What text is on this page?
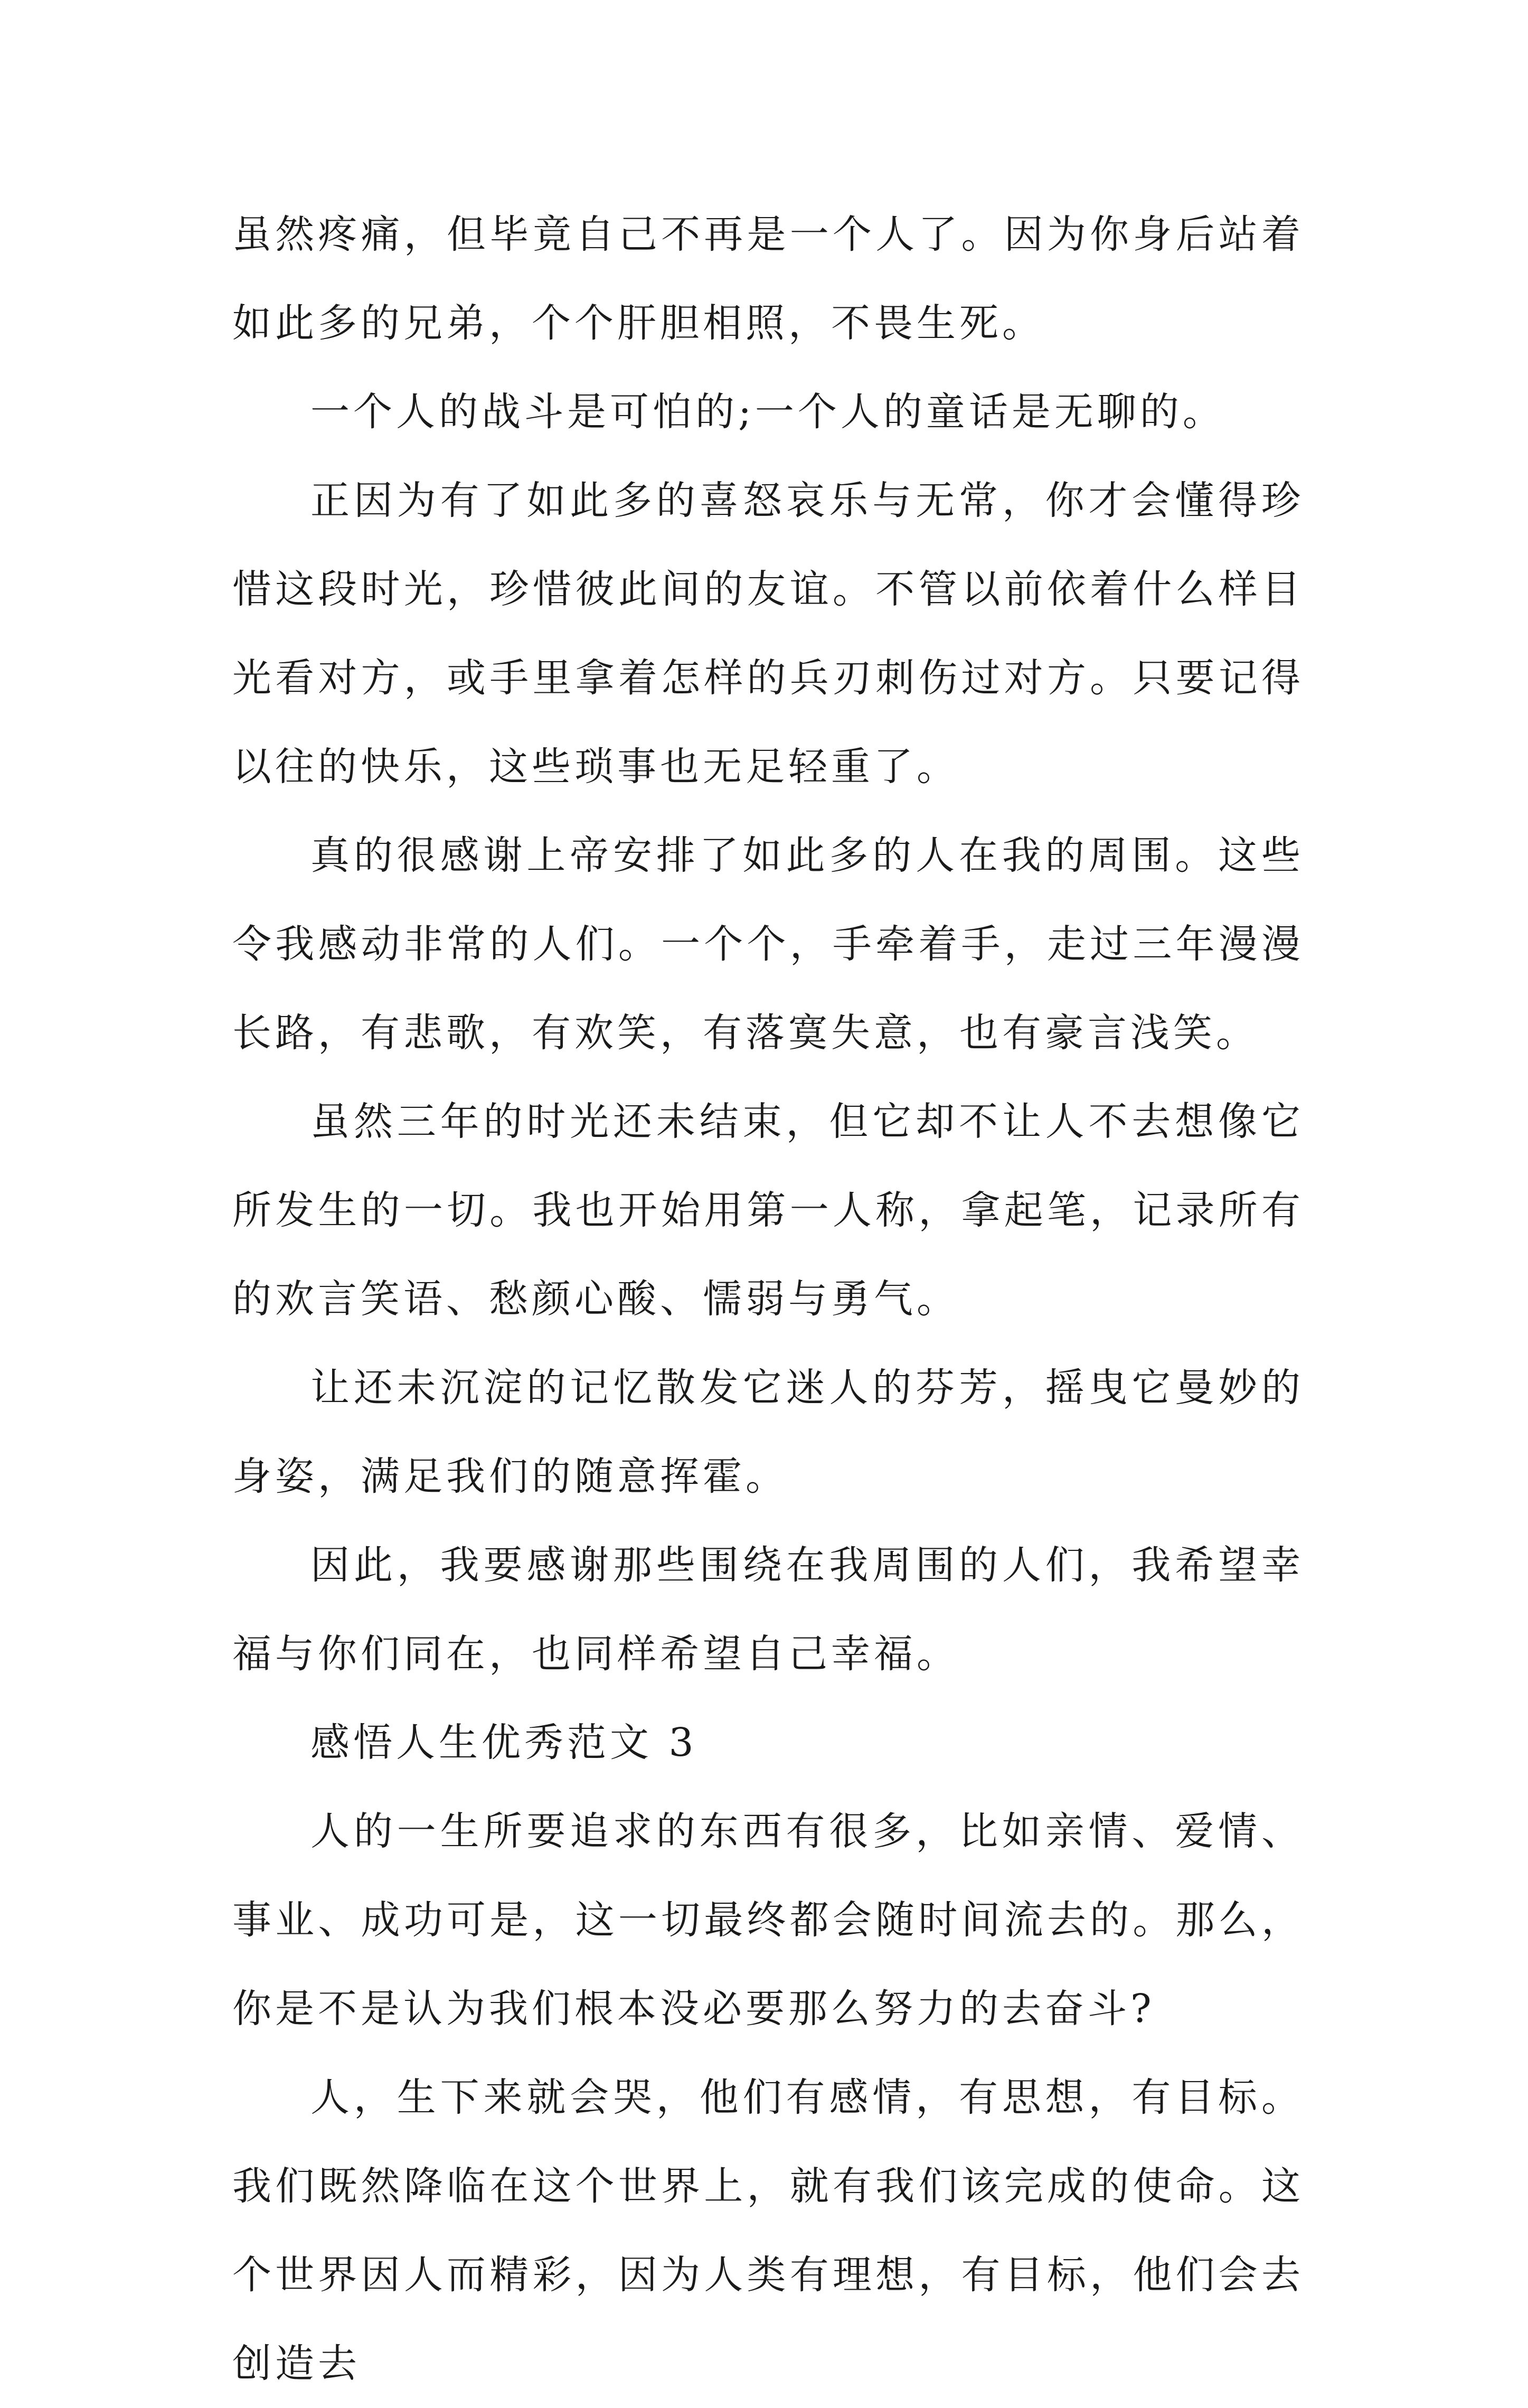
虽然疼痛，但毕竟自己不再是一个人了。因为你身后站着如此多的兄弟，个个肝胆相照，不畏生死。

一个人的战斗是可怕的;一个人的童话是无聊的。

正因为有了如此多的喜怒哀乐与无常，你才会懂得珍惜这段时光，珍惜彼此间的友谊。不管以前依着什么样目光看对方，或手里拿着怎样的兵刃刺伤过对方。只要记得以往的快乐，这些琐事也无足轻重了。

真的很感谢上帝安排了如此多的人在我的周围。这些令我感动非常的人们。一个个，手牵着手，走过三年漫漫长路，有悲歌，有欢笑，有落寞失意，也有豪言浅笑。

虽然三年的时光还未结束，但它却不让人不去想像它所发生的一切。我也开始用第一人称，拿起笔，记录所有的欢言笑语、愁颜心酸、懦弱与勇气。

让还未沉淀的记忆散发它迷人的芬芳，摇曳它曼妙的身姿，满足我们的随意挥霍。

因此，我要感谢那些围绕在我周围的人们，我希望幸福与你们同在，也同样希望自己幸福。

感悟人生优秀范文 3

人的一生所要追求的东西有很多，比如亲情、爱情、事业、成功可是，这一切最终都会随时间流去的。那么，你是不是认为我们根本没必要那么努力的去奋斗?

人，生下来就会哭，他们有感情，有思想，有目标。我们既然降临在这个世界上，就有我们该完成的使命。这个世界因人而精彩，因为人类有理想，有目标，他们会去创造去
